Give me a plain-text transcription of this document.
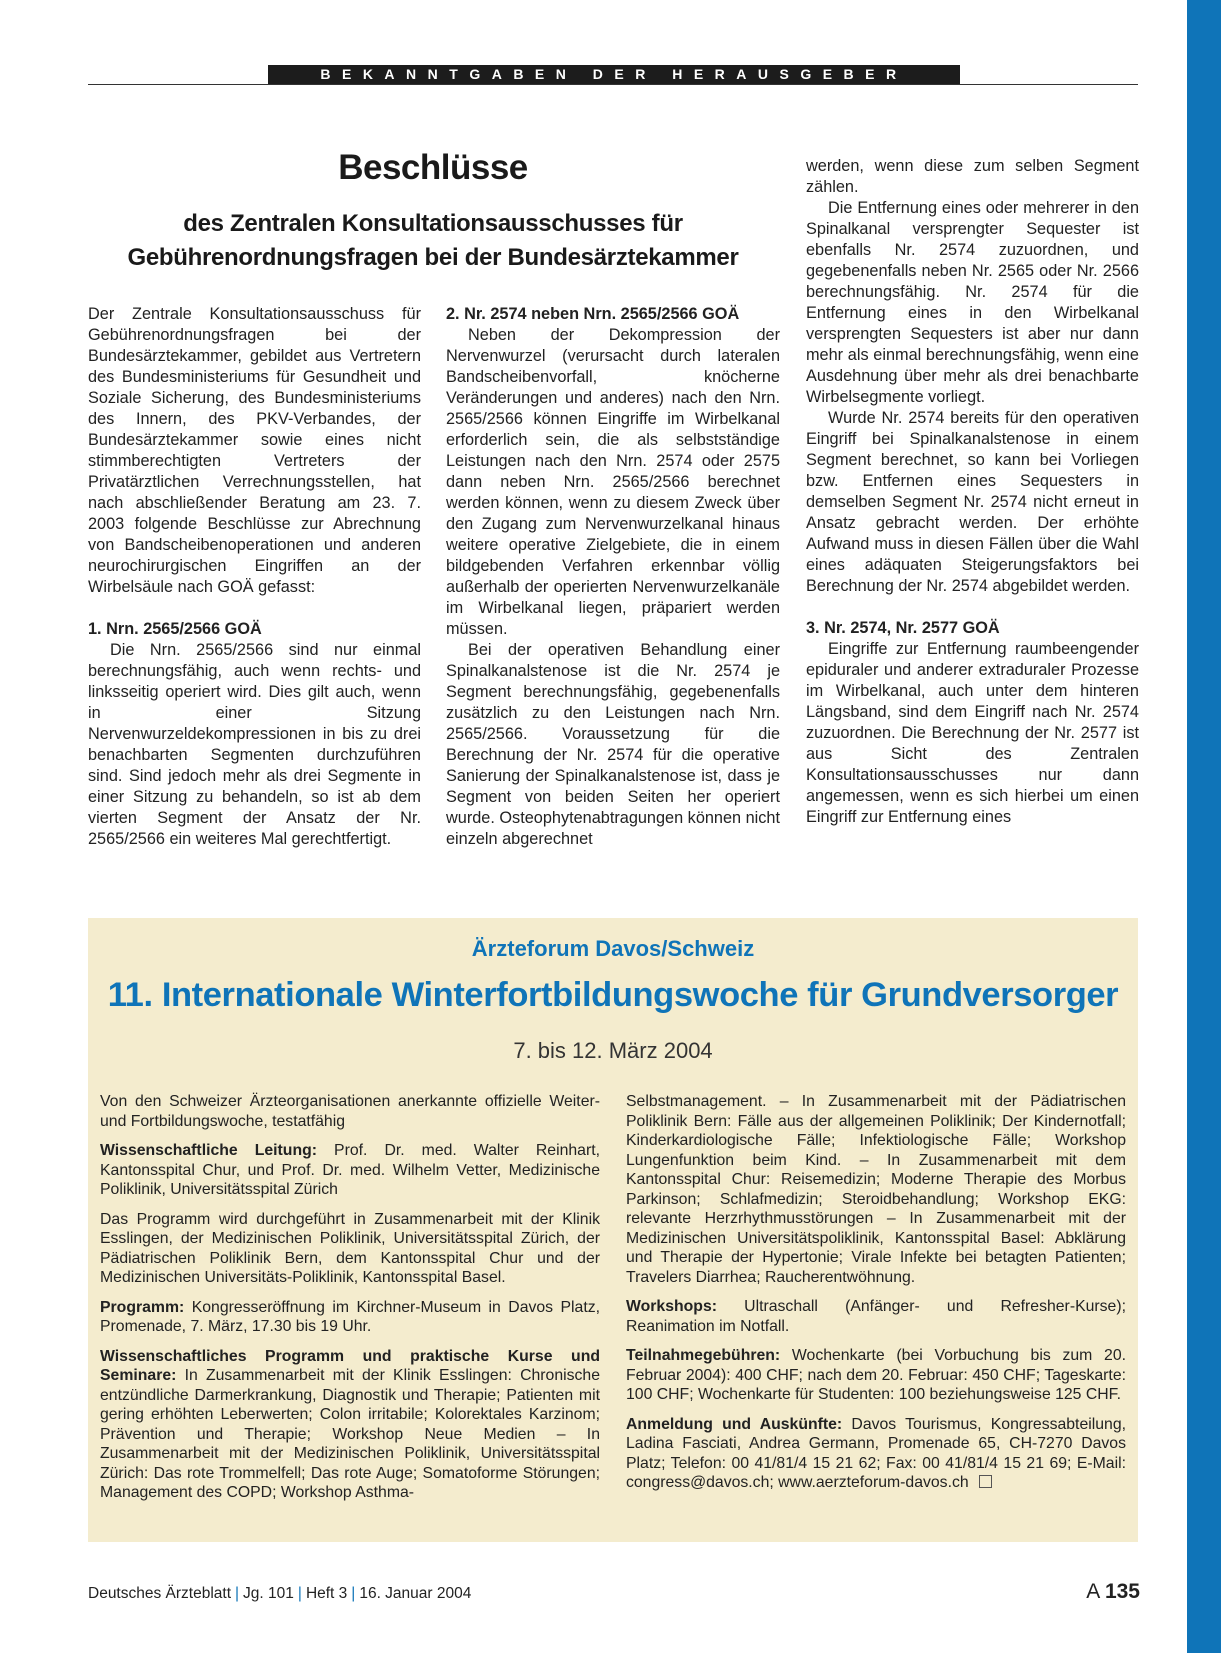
BEKANNTGABEN DER HERAUSGEBER
Beschlüsse
des Zentralen Konsultationsausschusses für
Gebührenordnungsfragen bei der Bundesärztekammer

Der Zentrale Konsultationsausschuss für Gebührenordnungsfragen bei der Bundesärztekammer, gebildet aus Vertretern des Bundesministeriums für Gesundheit und Soziale Sicherung, des Bundesministeriums des Innern, des PKV-Verbandes, der Bundesärztekammer sowie eines nicht stimmberechtigten Vertreters der Privatärztlichen Verrechnungsstellen, hat nach abschließender Beratung am 23. 7. 2003 folgende Beschlüsse zur Abrechnung von Bandscheibenoperationen und anderen neurochirurgischen Eingriffen an der Wirbelsäule nach GOÄ gefasst:

1. Nrn. 2565/2566 GOÄ

Die Nrn. 2565/2566 sind nur einmal berechnungsfähig, auch wenn rechts- und linksseitig operiert wird. Dies gilt auch, wenn in einer Sitzung Nervenwurzeldekompressionen in bis zu drei benachbarten Segmenten durchzuführen sind. Sind jedoch mehr als drei Segmente in einer Sitzung zu behandeln, so ist ab dem vierten Segment der Ansatz der Nr. 2565/2566 ein weiteres Mal gerechtfertigt.

2. Nr. 2574 neben Nrn. 2565/2566 GOÄ

Neben der Dekompression der Nervenwurzel (verursacht durch lateralen Bandscheibenvorfall, knöcherne Veränderungen und anderes) nach den Nrn. 2565/2566 können Eingriffe im Wirbelkanal erforderlich sein, die als selbstständige Leistungen nach den Nrn. 2574 oder 2575 dann neben Nrn. 2565/2566 berechnet werden können, wenn zu diesem Zweck über den Zugang zum Nervenwurzelkanal hinaus weitere operative Zielgebiete, die in einem bildgebenden Verfahren erkennbar völlig außerhalb der operierten Nervenwurzelkanäle im Wirbelkanal liegen, präpariert werden müssen.

Bei der operativen Behandlung einer Spinalkanalstenose ist die Nr. 2574 je Segment berechnungsfähig, gegebenenfalls zusätzlich zu den Leistungen nach Nrn. 2565/2566. Voraussetzung für die Berechnung der Nr. 2574 für die operative Sanierung der Spinalkanalstenose ist, dass je Segment von beiden Seiten her operiert wurde. Osteophytenabtragungen können nicht einzeln abgerechnet

werden, wenn diese zum selben Segment zählen.

Die Entfernung eines oder mehrerer in den Spinalkanal versprengter Sequester ist ebenfalls Nr. 2574 zuzuordnen, und gegebenenfalls neben Nr. 2565 oder Nr. 2566 berechnungsfähig. Nr. 2574 für die Entfernung eines in den Wirbelkanal versprengten Sequesters ist aber nur dann mehr als einmal berechnungsfähig, wenn eine Ausdehnung über mehr als drei benachbarte Wirbelsegmente vorliegt.

Wurde Nr. 2574 bereits für den operativen Eingriff bei Spinalkanalstenose in einem Segment berechnet, so kann bei Vorliegen bzw. Entfernen eines Sequesters in demselben Segment Nr. 2574 nicht erneut in Ansatz gebracht werden. Der erhöhte Aufwand muss in diesen Fällen über die Wahl eines adäquaten Steigerungsfaktors bei Berechnung der Nr. 2574 abgebildet werden.

3. Nr. 2574, Nr. 2577 GOÄ

Eingriffe zur Entfernung raumbeengender epiduraler und anderer extraduraler Prozesse im Wirbelkanal, auch unter dem hinteren Längsband, sind dem Eingriff nach Nr. 2574 zuzuordnen. Die Berechnung der Nr. 2577 ist aus Sicht des Zentralen Konsultationsausschusses nur dann angemessen, wenn es sich hierbei um einen Eingriff zur Entfernung eines

Ärzteforum Davos/Schweiz
11. Internationale Winterfortbildungswoche für Grundversorger
7. bis 12. März 2004

Von den Schweizer Ärzteorganisationen anerkannte offizielle Weiter- und Fortbildungswoche, testatfähig

Wissenschaftliche Leitung: Prof. Dr. med. Walter Reinhart, Kantonsspital Chur, und Prof. Dr. med. Wilhelm Vetter, Medizinische Poliklinik, Universitätsspital Zürich

Das Programm wird durchgeführt in Zusammenarbeit mit der Klinik Esslingen, der Medizinischen Poliklinik, Universitätsspital Zürich, der Pädiatrischen Poliklinik Bern, dem Kantonsspital Chur und der Medizinischen Universitäts-Poliklinik, Kantonsspital Basel.

Programm: Kongresseröffnung im Kirchner-Museum in Davos Platz, Promenade, 7. März, 17.30 bis 19 Uhr.

Wissenschaftliches Programm und praktische Kurse und Seminare: In Zusammenarbeit mit der Klinik Esslingen: Chronische entzündliche Darmerkrankung, Diagnostik und Therapie; Patienten mit gering erhöhten Leberwerten; Colon irritabile; Kolorektales Karzinom; Prävention und Therapie; Workshop Neue Medien – In Zusammenarbeit mit der Medizinischen Poliklinik, Universitätsspital Zürich: Das rote Trommelfell; Das rote Auge; Somatoforme Störungen; Management des COPD; Workshop Asthma-

Selbstmanagement. – In Zusammenarbeit mit der Pädiatrischen Poliklinik Bern: Fälle aus der allgemeinen Poliklinik; Der Kindernotfall; Kinderkardiologische Fälle; Infektiologische Fälle; Workshop Lungenfunktion beim Kind. – In Zusammenarbeit mit dem Kantonsspital Chur: Reisemedizin; Moderne Therapie des Morbus Parkinson; Schlafmedizin; Steroidbehandlung; Workshop EKG: relevante Herzrhythmusstörungen – In Zusammenarbeit mit der Medizinischen Universitätspoliklinik, Kantonsspital Basel: Abklärung und Therapie der Hypertonie; Virale Infekte bei betagten Patienten; Travelers Diarrhea; Raucherentwöhnung.

Workshops: Ultraschall (Anfänger- und Refresher-Kurse); Reanimation im Notfall.

Teilnahmegebühren: Wochenkarte (bei Vorbuchung bis zum 20. Februar 2004): 400 CHF; nach dem 20. Februar: 450 CHF; Tageskarte: 100 CHF; Wochenkarte für Studenten: 100 beziehungsweise 125 CHF.

Anmeldung und Auskünfte: Davos Tourismus, Kongressabteilung, Ladina Fasciati, Andrea Germann, Promenade 65, CH-7270 Davos Platz; Telefon: 00 41/81/4 15 21 62; Fax: 00 41/81/4 15 21 69; E-Mail: congress@davos.ch; www.aerzteforum-davos.ch

Deutsches Ärzteblatt | Jg. 101 | Heft 3 | 16. Januar 2004	A 135
